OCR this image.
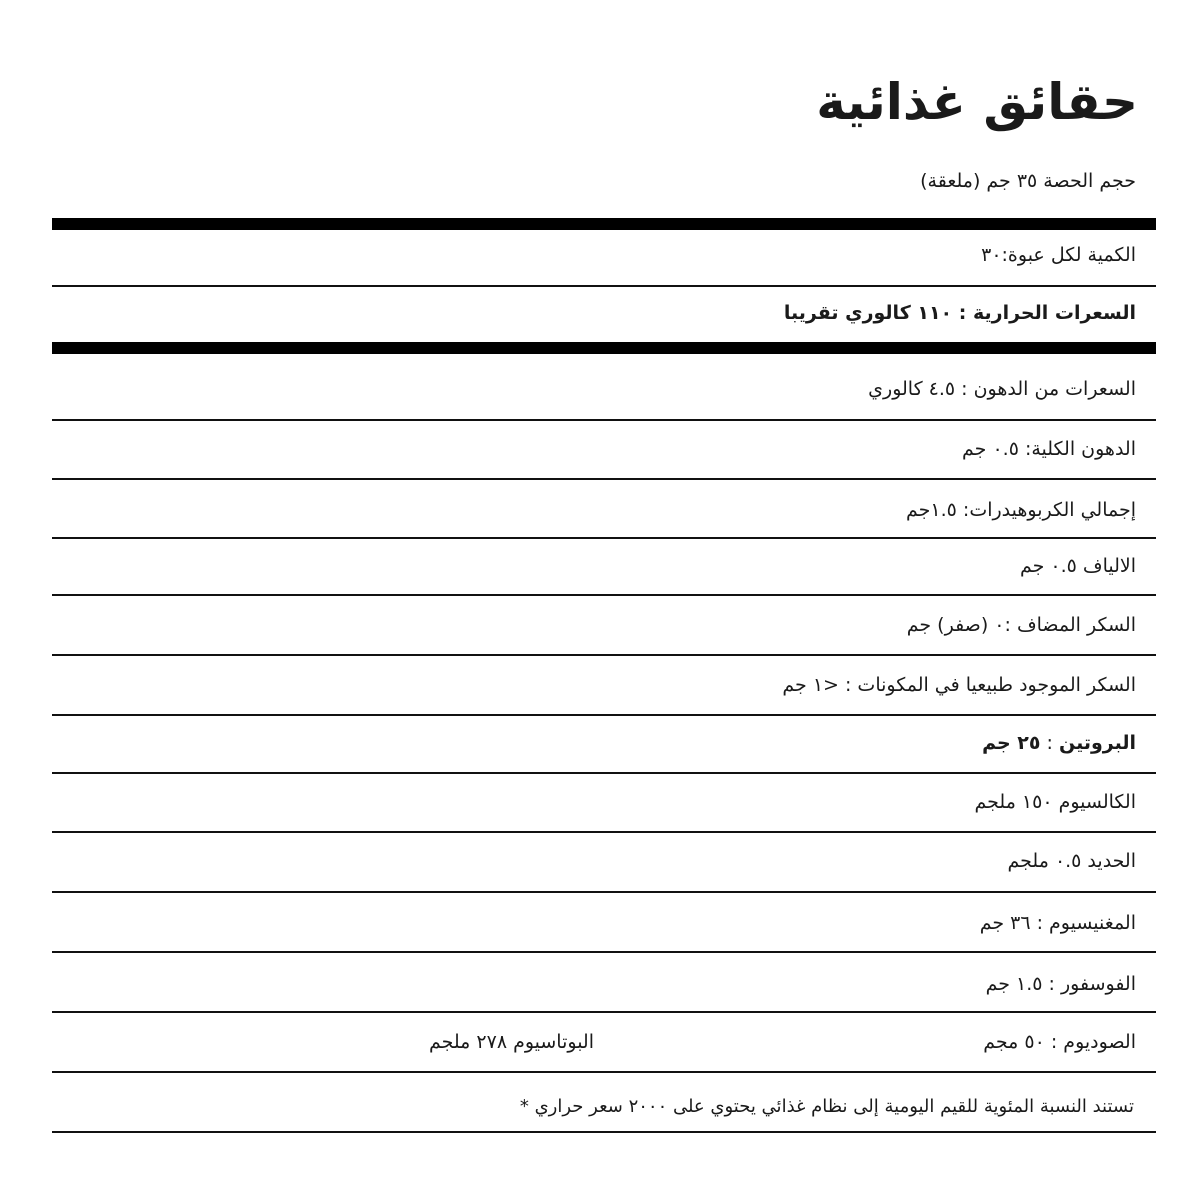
حقائق غذائية
حجم الحصة ٣٥ جم (ملعقة)
الكمية لكل عبوة:٣٠
السعرات الحرارية : ١١٠ كالوري تقريبا
السعرات من الدهون : ٤.٥ كالوري
الدهون الكلية: ٠.٥ جم
إجمالي الكربوهيدرات: ١.٥جم
الالياف ٠.٥ جم
السكر المضاف :٠ (صفر) جم
السكر الموجود طبيعيا في المكونات : <١ جم
البروتين : ٢٥ جم
الكالسيوم ١٥٠ ملجم
الحديد ٠.٥ ملجم
المغنيسيوم : ٣٦ جم
الفوسفور : ١.٥ جم
الصوديوم : ٥٠ مجم
البوتاسيوم ٢٧٨ ملجم
تستند النسبة المئوية للقيم اليومية إلى نظام غذائي يحتوي على ٢٠٠٠ سعر حراري *
